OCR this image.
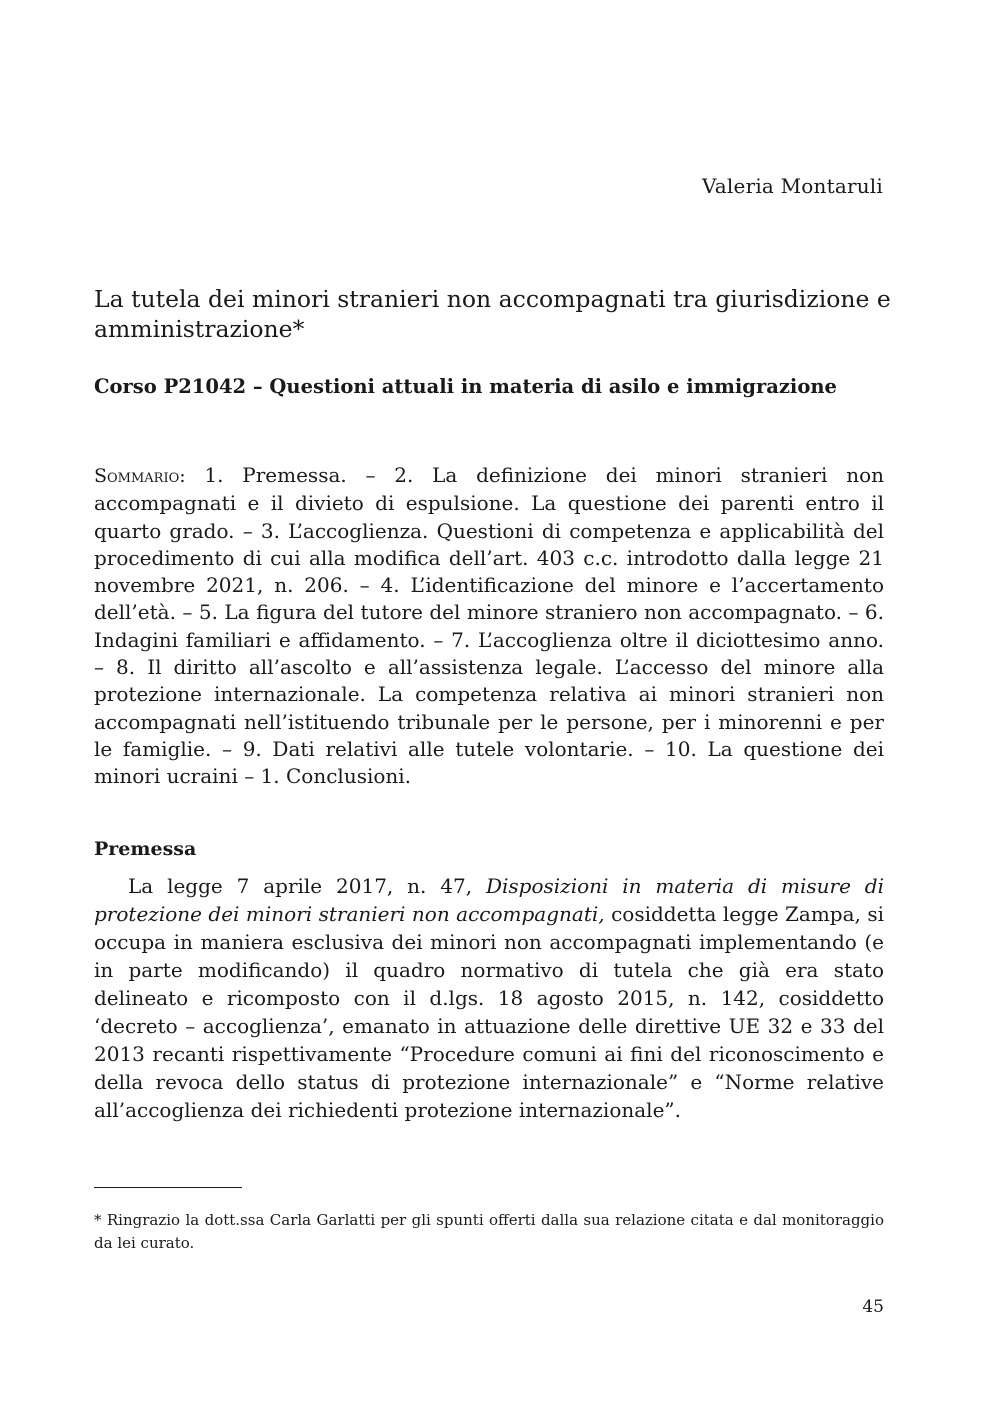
Valeria Montaruli
La tutela dei minori stranieri non accompagnati tra giurisdizione e amministrazione*
Corso P21042 – Questioni attuali in materia di asilo e immigrazione

Sommario: 1. Premessa. – 2. La definizione dei minori stranieri non accompagnati e il divieto di espulsione. La questione dei parenti entro il quarto grado. – 3. L’accoglienza. Questioni di competenza e applicabilità del procedimento di cui alla modifica dell’art. 403 c.c. introdotto dalla legge 21 novembre 2021, n. 206. – 4. L’identificazione del minore e l’accertamento dell’età. – 5. La figura del tutore del minore straniero non accompagnato. – 6. Indagini familiari e affidamento. – 7. L’accoglienza oltre il diciottesimo anno. – 8. Il diritto all’ascolto e all’assistenza legale. L’accesso del minore alla protezione internazionale. La competenza relativa ai minori stranieri non accompagnati nell’istituendo tribunale per le persone, per i minorenni e per le famiglie. – 9. Dati relativi alle tutele volontarie. – 10. La questione dei minori ucraini – 1. Conclusioni.

Premessa

La legge 7 aprile 2017, n. 47, Disposizioni in materia di misure di protezione dei minori stranieri non accompagnati, cosiddetta legge Zampa, si occupa in maniera esclusiva dei minori non accompagnati implementando (e in parte modificando) il quadro normativo di tutela che già era stato delineato e ricomposto con il d.lgs. 18 agosto 2015, n. 142, cosiddetto ‘decreto – accoglienza’, emanato in attuazione delle direttive UE 32 e 33 del 2013 recanti rispettivamente “Procedure comuni ai fini del riconoscimento e della revoca dello status di protezione internazionale” e “Norme relative all’accoglienza dei richiedenti protezione internazionale”.

* Ringrazio la dott.ssa Carla Garlatti per gli spunti offerti dalla sua relazione citata e dal monitoraggio da lei curato.

45
